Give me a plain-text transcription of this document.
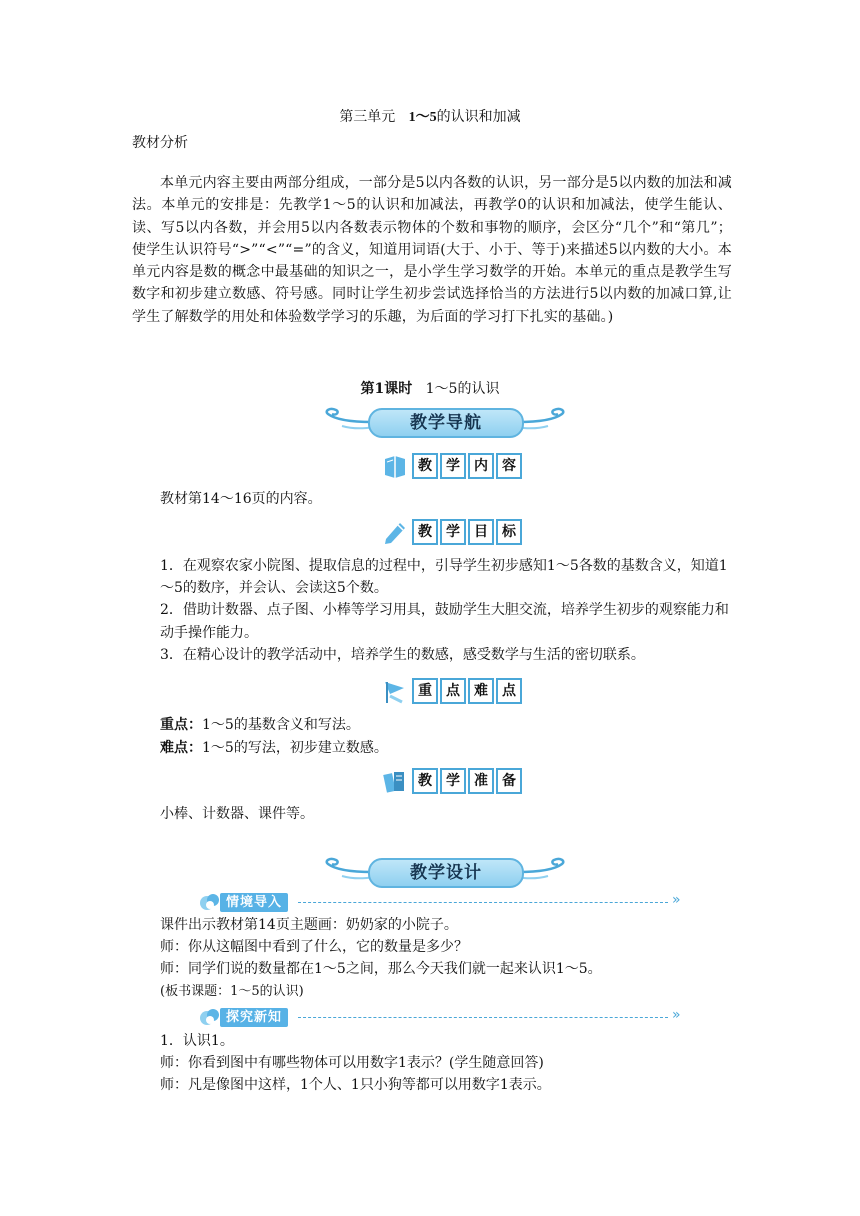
第三单元 1～5的认识和加减
教材分析
本单元内容主要由两部分组成，一部分是5以内各数的认识，另一部分是5以内数的加法和减法。本单元的安排是：先教学1～5的认识和加减法，再教学0的认识和加减法，使学生能认、读、写5以内各数，并会用5以内各数表示物体的个数和事物的顺序，会区分“几个”和“第几”；使学生认识符号“>”“<”“=”的含义，知道用词语(大于、小于、等于)来描述5以内数的大小。本单元内容是数的概念中最基础的知识之一，是小学生学习数学的开始。本单元的重点是教学生写数字和初步建立数感、符号感。同时让学生初步尝试选择恰当的方法进行5以内数的加减口算,让学生了解数学的用处和体验数学学习的乐趣，为后面的学习打下扎实的基础。)
第1课时 1～5的认识
教学导航
教	学	内	容
教材第14～16页的内容。
教	学	目	标

1．在观察农家小院图、提取信息的过程中，引导学生初步感知1～5各数的基数含义，知道1～5的数序，并会认、会读这5个数。

2．借助计数器、点子图、小棒等学习用具，鼓励学生大胆交流，培养学生初步的观察能力和动手操作能力。

3．在精心设计的教学活动中，培养学生的数感，感受数学与生活的密切联系。

重	点	难	点
重点：1～5的基数含义和写法。
难点：1～5的写法，初步建立数感。
教	学	准	备
小棒、计数器、课件等。
教学设计
情境导入	»

课件出示教材第14页主题画：奶奶家的小院子。

师：你从这幅图中看到了什么，它的数量是多少？

师：同学们说的数量都在1～5之间，那么今天我们就一起来认识1～5。

(板书课题：1～5的认识)

探究新知	»

1．认识1。

师：你看到图中有哪些物体可以用数字1表示？(学生随意回答)

师：凡是像图中这样，1个人、1只小狗等都可以用数字1表示。
